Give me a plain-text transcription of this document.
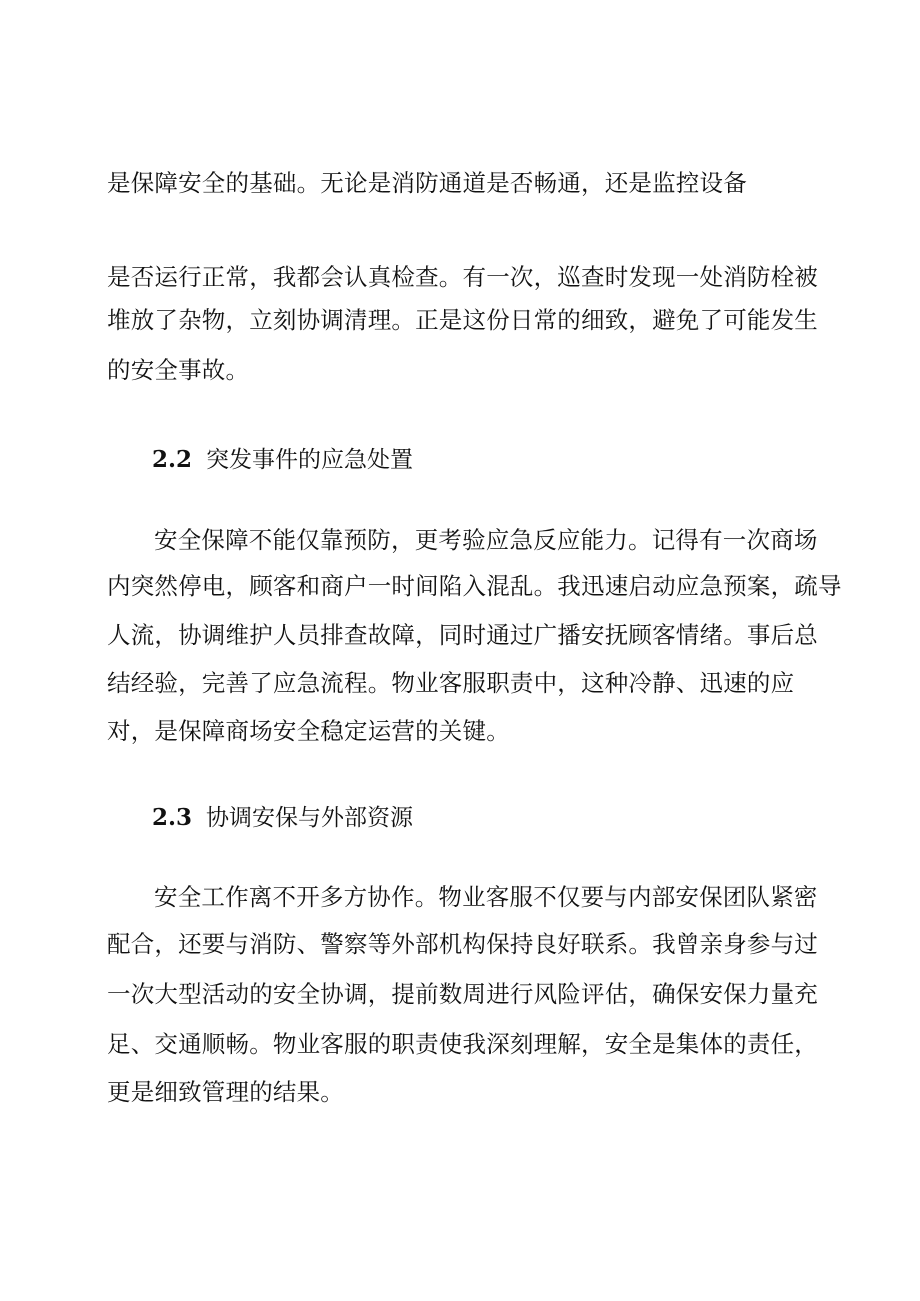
是保障安全的基础。无论是消防通道是否畅通，还是监控设备
是否运行正常，我都会认真检查。有一次，巡查时发现一处消防栓被
堆放了杂物，立刻协调清理。正是这份日常的细致，避免了可能发生
的安全事故。
2.2 突发事件的应急处置
安全保障不能仅靠预防，更考验应急反应能力。记得有一次商场
内突然停电，顾客和商户一时间陷入混乱。我迅速启动应急预案，疏导
人流，协调维护人员排查故障，同时通过广播安抚顾客情绪。事后总
结经验，完善了应急流程。物业客服职责中，这种冷静、迅速的应
对，是保障商场安全稳定运营的关键。
2.3 协调安保与外部资源
安全工作离不开多方协作。物业客服不仅要与内部安保团队紧密
配合，还要与消防、警察等外部机构保持良好联系。我曾亲身参与过
一次大型活动的安全协调，提前数周进行风险评估，确保安保力量充
足、交通顺畅。物业客服的职责使我深刻理解，安全是集体的责任，
更是细致管理的结果。
